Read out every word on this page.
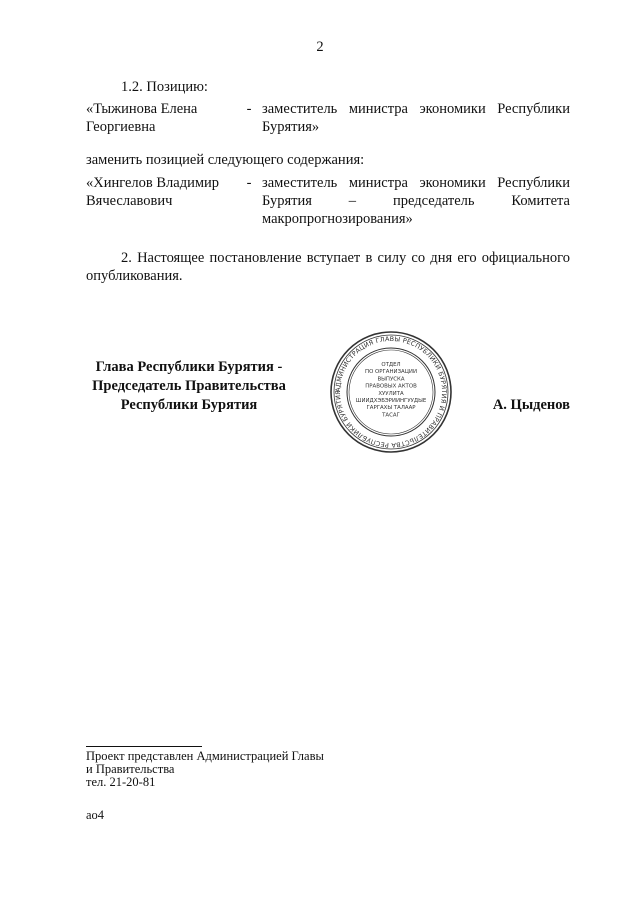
2
1.2. Позицию:
«Тыжинова Елена
Георгиевна
- заместитель министра экономики Республики Бурятия»
заменить позицией следующего содержания:
«Хингелов Владимир
Вячеславович
- заместитель министра экономики Республики Бурятия – председатель Комитета макропрогнозирования»
2. Настоящее постановление вступает в силу со дня его официального опубликования.
Глава Республики Бурятия -
Председатель Правительства
Республики Бурятия
АДМИНИСТРАЦИЯ ГЛАВЫ РЕСПУБЛИКИ БУРЯТИЯ И ПРАВИТЕЛЬСТВА РЕСПУБЛИКИ БУРЯТИЯ
ОТДЕЛ
ПО ОРГАНИЗАЦИИ
ВЫПУСКА
ПРАВОВЫХ АКТОВ
ХУУЛИТА
ШИИДХЭБЭРИИНГУУДЫЕ
ГАРГАХЫ ТАЛААР
ТАСАГ
А. Цыденов
Проект представлен Администрацией Главы
и Правительства
тел. 21-20-81
ао4
